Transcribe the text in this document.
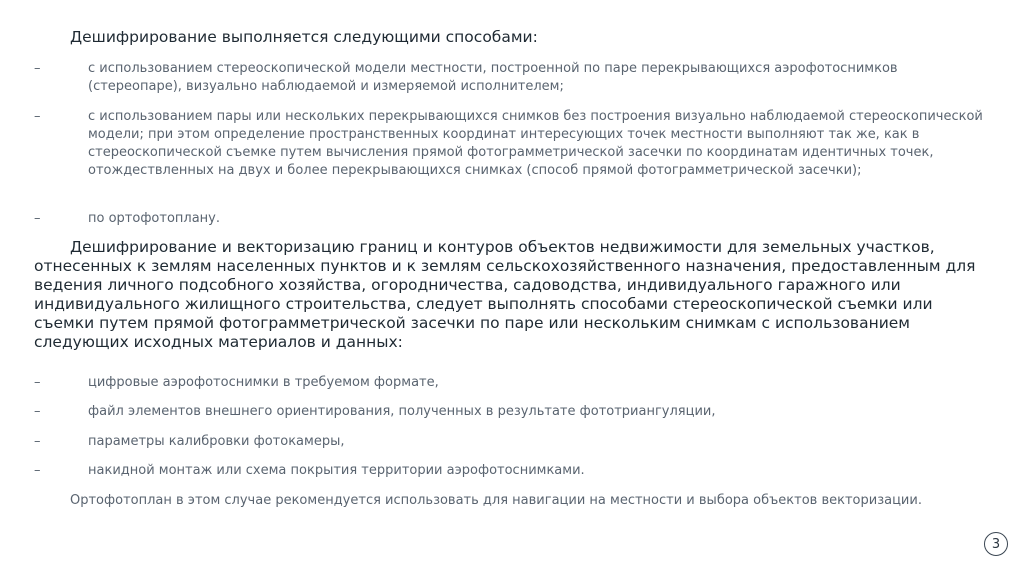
Дешифрирование выполняется следующими способами:

–	с использованием стереоскопической модели местности, построенной по паре перекрывающихся аэрофотоснимков (стереопаре), визуально наблюдаемой и измеряемой исполнителем;
–	с использованием пары или нескольких перекрывающихся снимков без построения визуально наблюдаемой стереоскопической модели; при этом определение пространственных координат интересующих точек местности выполняют так же, как в стереоскопической съемке путем вычисления прямой фотограмметрической засечки по координатам идентичных точек, отождествленных на двух и более перекрывающихся снимках (способ прямой фотограмметрической засечки);
–	по ортофотоплану.

Дешифрирование и векторизацию границ и контуров объектов недвижимости для земельных участков, отнесенных к землям населенных пунктов и к землям сельскохозяйственного назначения, предоставленным для ведения личного подсобного хозяйства, огородничества, садоводства, индивидуального гаражного или индивидуального жилищного строительства, следует выполнять способами стереоскопической съемки или съемки путем прямой фотограмметрической засечки по паре или нескольким снимкам с использованием следующих исходных материалов и данных:

–	цифровые аэрофотоснимки в требуемом формате,
–	файл элементов внешнего ориентирования, полученных в результате фототриангуляции,
–	параметры калибровки фотокамеры,
–	накидной монтаж или схема покрытия территории аэрофотоснимками.

Ортофотоплан в этом случае рекомендуется использовать для навигации на местности и выбора объектов векторизации.

3
